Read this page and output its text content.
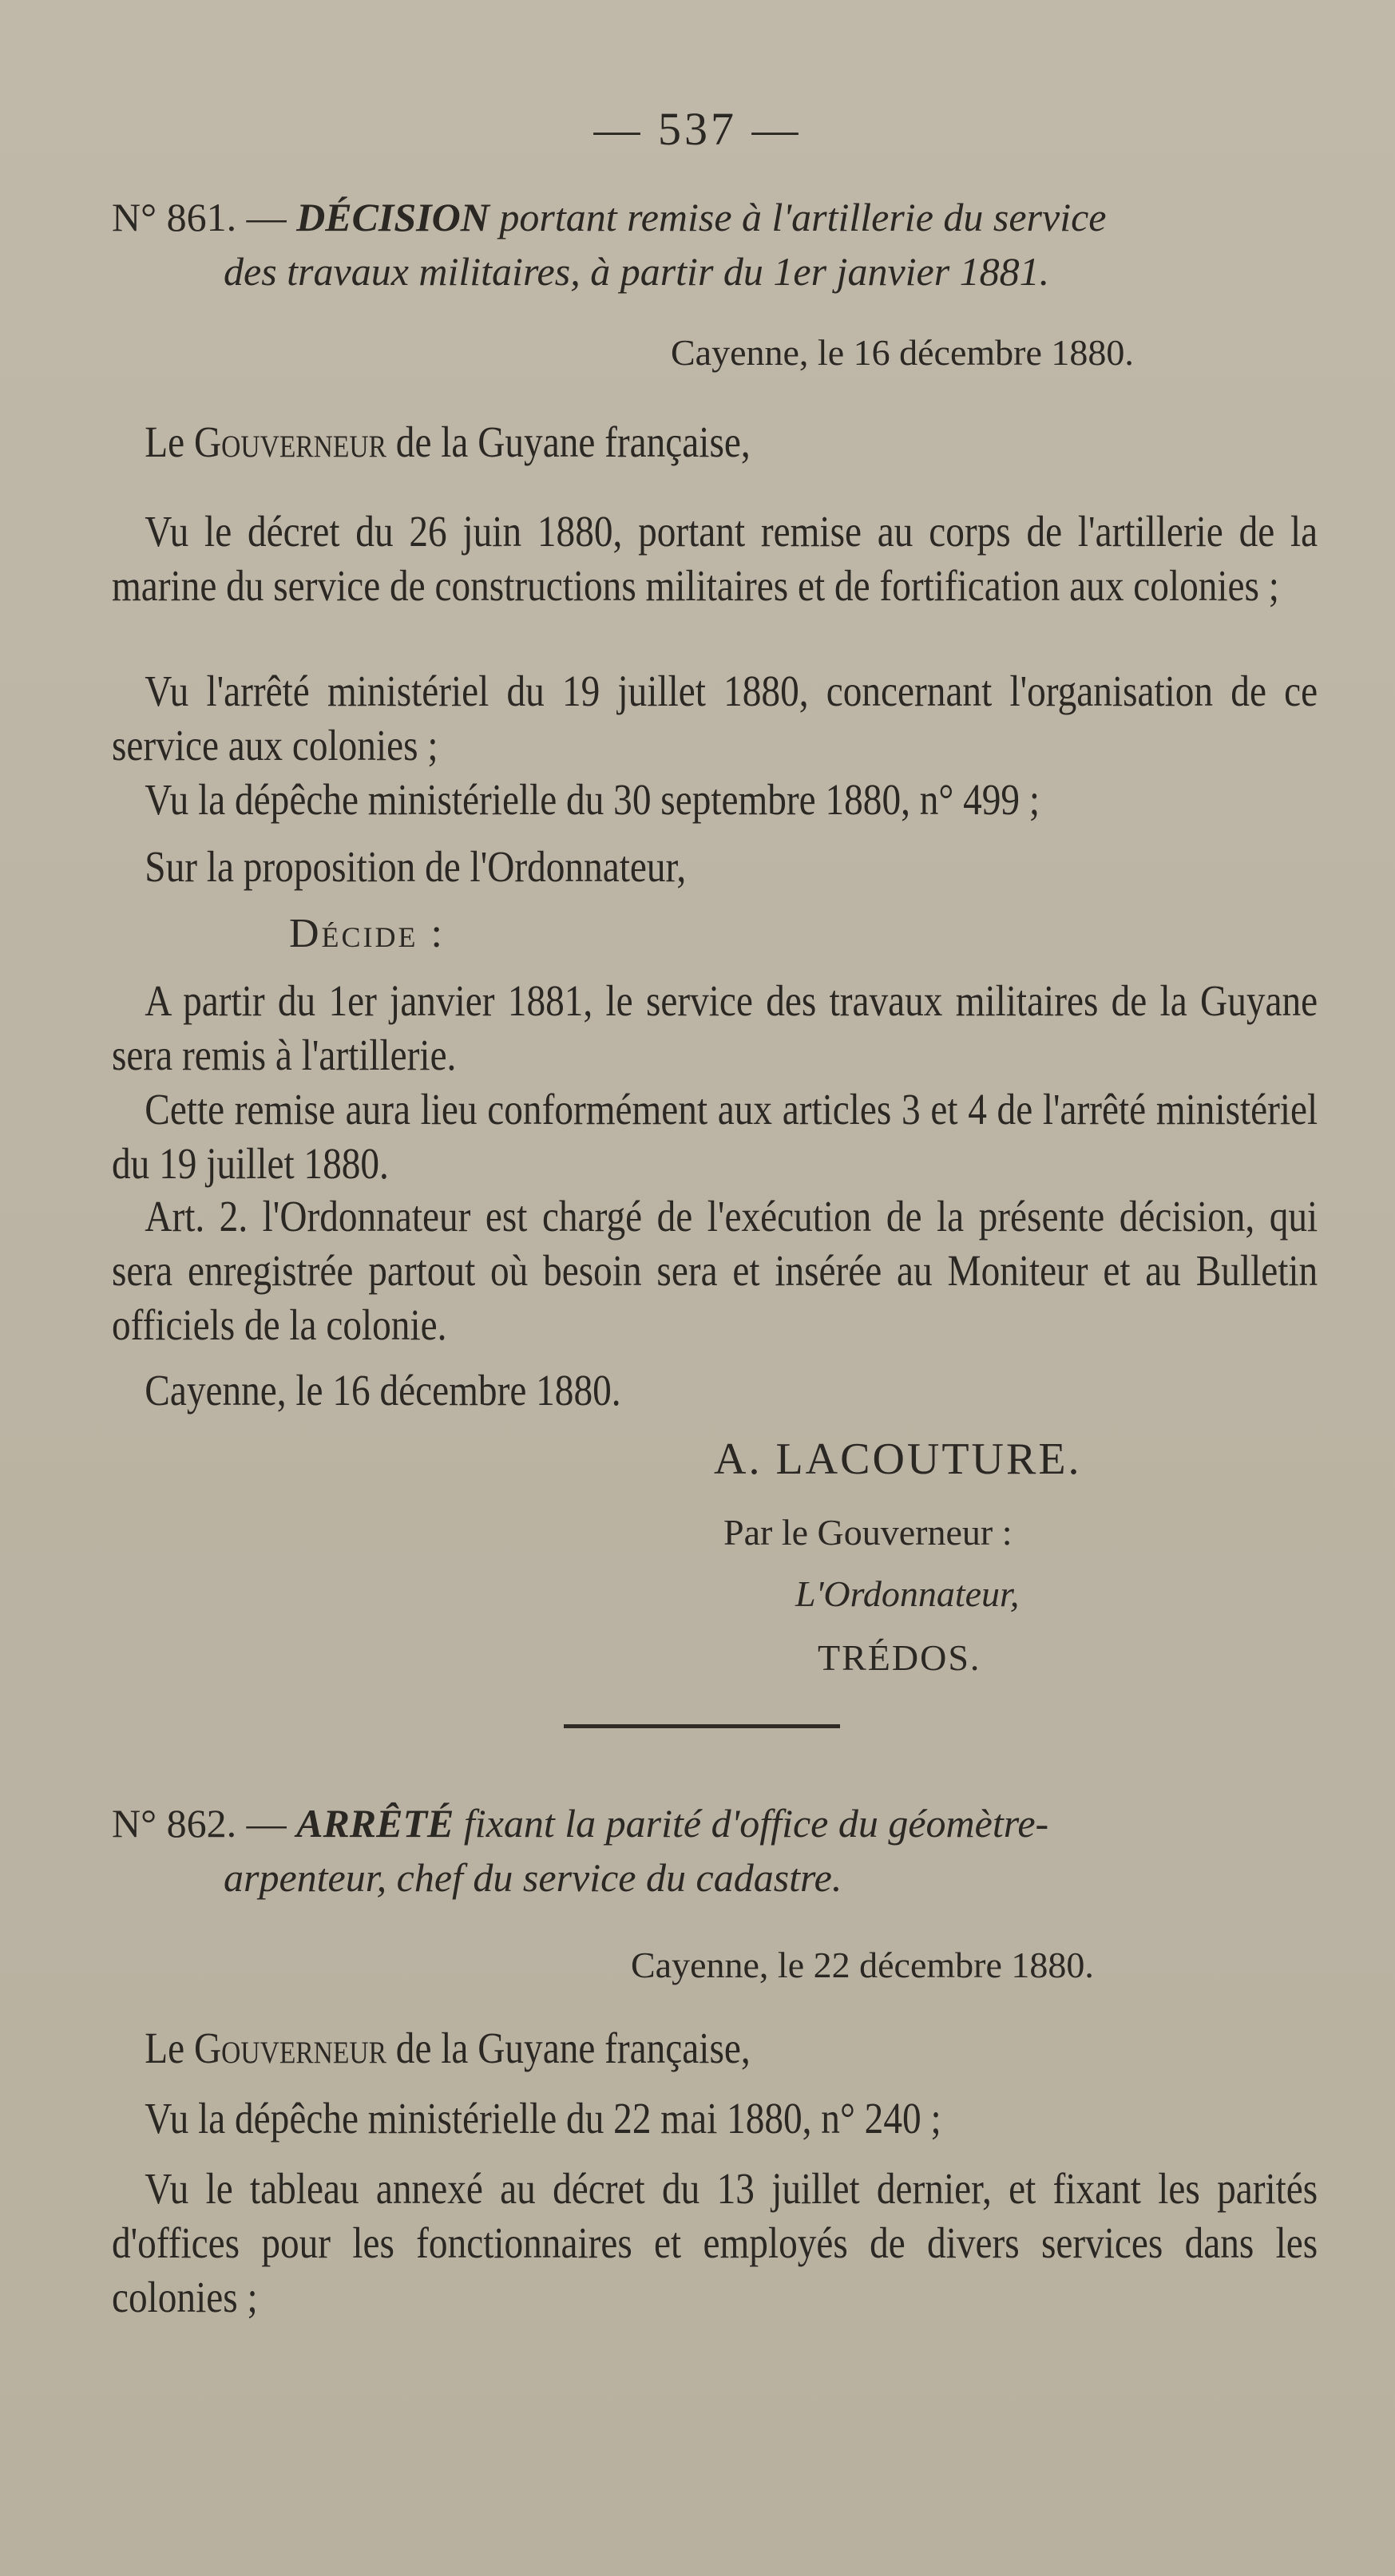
— 537 —
N° 861. — DÉCISION portant remise à l'artillerie du service
des travaux militaires, à partir du 1er janvier 1881.
Cayenne, le 16 décembre 1880.
Le Gouverneur de la Guyane française,
Vu le décret du 26 juin 1880, portant remise au corps de l'artillerie de la marine du service de constructions militaires et de fortification aux colonies ;
Vu l'arrêté ministériel du 19 juillet 1880, concernant l'organisation de ce service aux colonies ;
Vu la dépêche ministérielle du 30 septembre 1880, n° 499 ;
Sur la proposition de l'Ordonnateur,
Décide :
A partir du 1er janvier 1881, le service des travaux militaires de la Guyane sera remis à l'artillerie.
Cette remise aura lieu conformément aux articles 3 et 4 de l'arrêté ministériel du 19 juillet 1880.
Art. 2. l'Ordonnateur est chargé de l'exécution de la présente décision, qui sera enregistrée partout où besoin sera et insérée au Moniteur et au Bulletin officiels de la colonie.
Cayenne, le 16 décembre 1880.
A. LACOUTURE.
Par le Gouverneur :
L'Ordonnateur,
TRÉDOS.
N° 862. — ARRÊTÉ fixant la parité d'office du géomètre-
arpenteur, chef du service du cadastre.
Cayenne, le 22 décembre 1880.
Le Gouverneur de la Guyane française,
Vu la dépêche ministérielle du 22 mai 1880, n° 240 ;
Vu le tableau annexé au décret du 13 juillet dernier, et fixant les parités d'offices pour les fonctionnaires et employés de divers services dans les colonies ;
